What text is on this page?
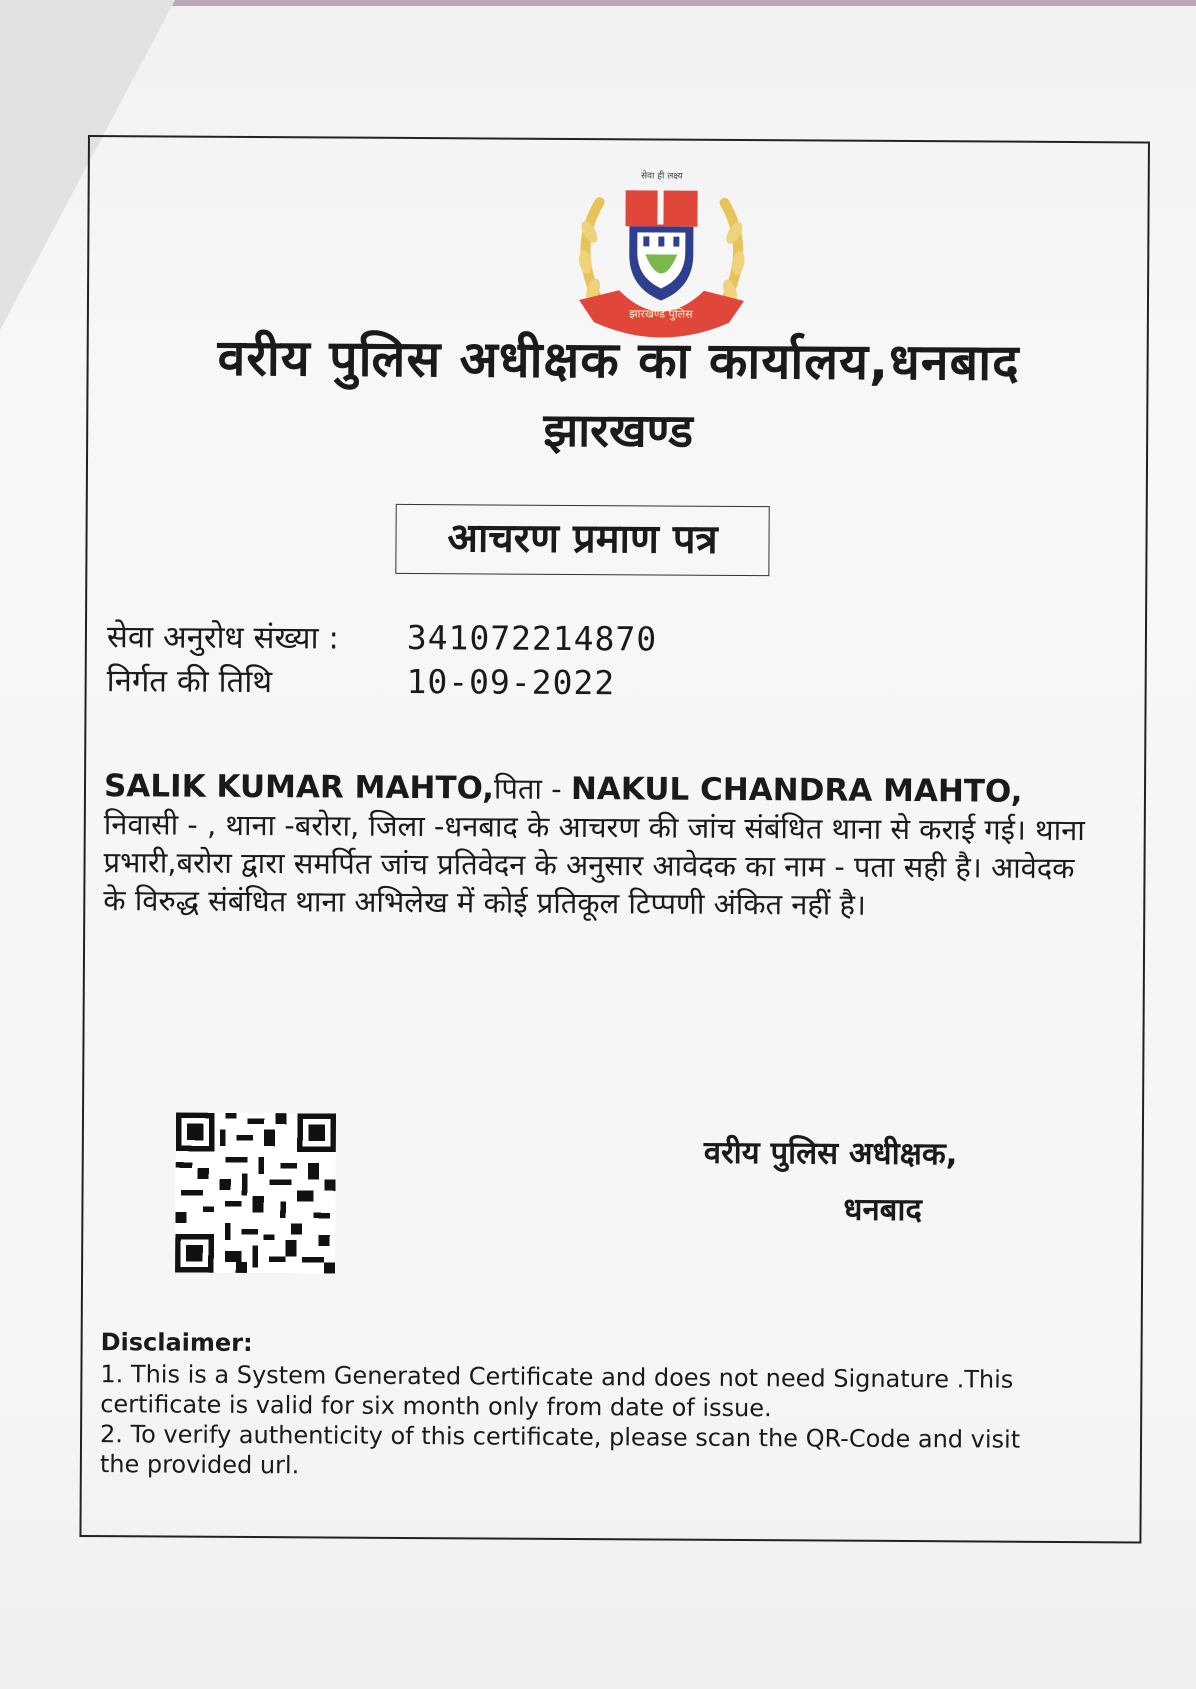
सेवा ही लक्ष्य
झारखण्ड पुलिस
वरीय पुलिस अधीक्षक का कार्यालय,धनबाद
झारखण्ड
आचरण प्रमाण पत्र
सेवा अनुरोध संख्या : 341072214870
निर्गत की तिथि	10-09-2022
SALIK KUMAR MAHTO,पिता - NAKUL CHANDRA MAHTO, निवासी - , थाना -बरोरा, जिला -धनबाद के आचरण की जांच संबंधित थाना से कराई गई। थाना प्रभारी,बरोरा द्वारा समर्पित जांच प्रतिवेदन के अनुसार आवेदक का नाम - पता सही है। आवेदक के विरुद्ध संबंधित थाना अभिलेख में कोई प्रतिकूल टिप्पणी अंकित नहीं है।
वरीय पुलिस अधीक्षक,
धनबाद
Disclaimer:
1. This is a System Generated Certificate and does not need Signature .This certificate is valid for six month only from date of issue.
2. To verify authenticity of this certificate, please scan the QR-Code and visit the provided url.
